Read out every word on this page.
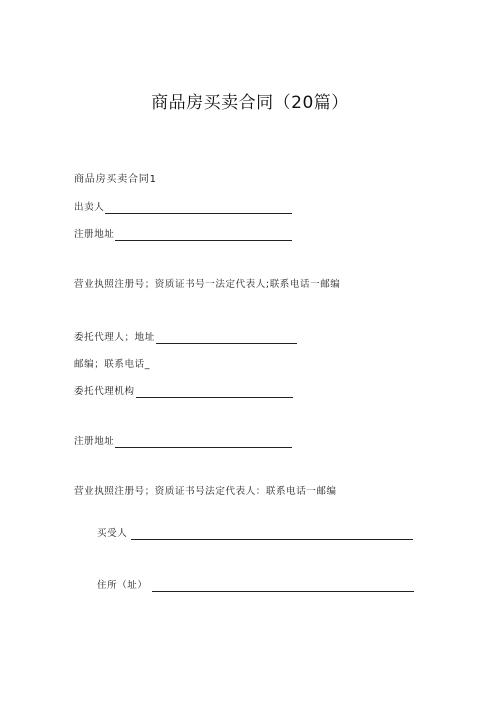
商品房买卖合同（20篇）
商品房买卖合同1
出卖人
注册地址
营业执照注册号；资质证书号一法定代表人;联系电话一邮编
委托代理人；地址
邮编；联系电话_
委托代理机构
注册地址
营业执照注册号；资质证书号法定代表人：联系电话一邮编
买受人
住所（址）
